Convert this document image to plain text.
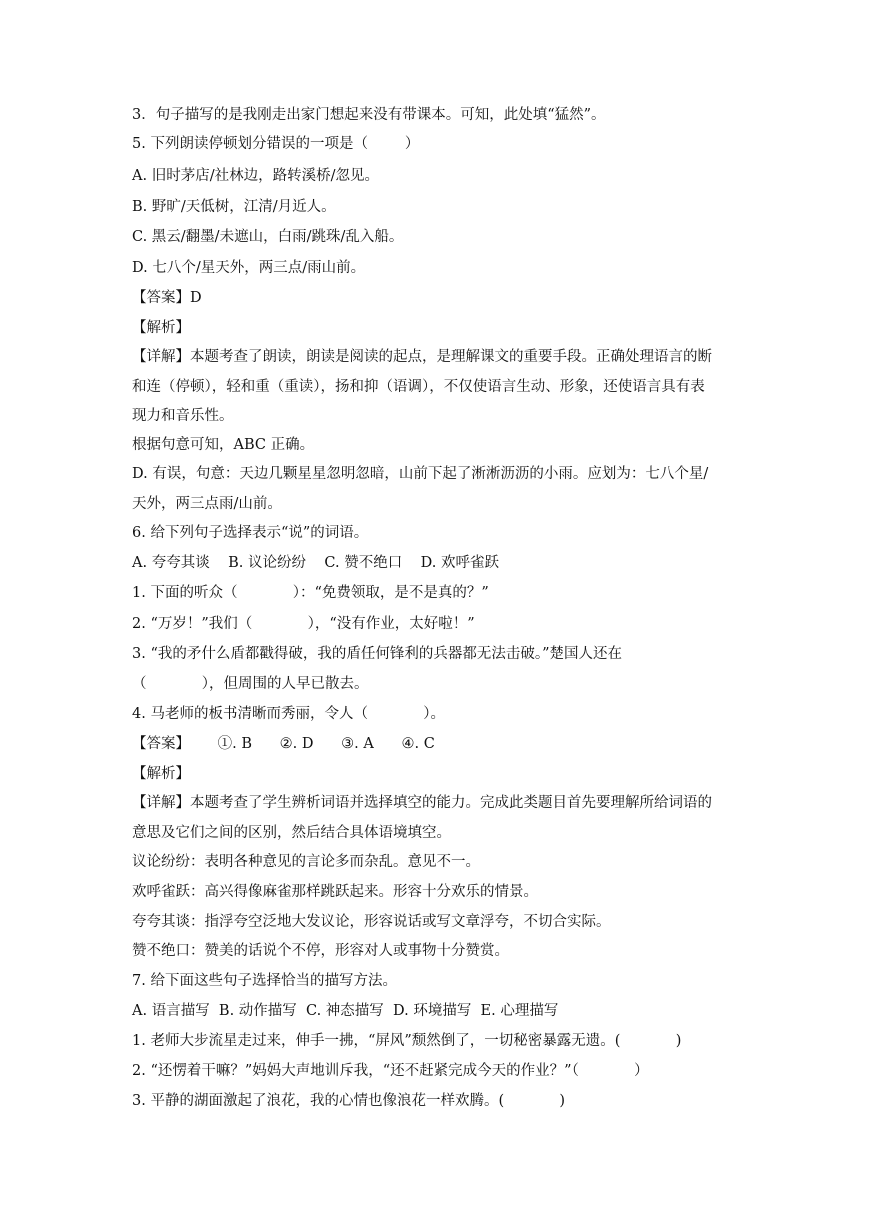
3．句子描写的是我刚走出家门想起来没有带课本。可知，此处填“猛然”。
5. 下列朗读停顿划分错误的一项是（        ）
A. 旧时茅店/社林边，路转溪桥/忽见。
B. 野旷/天低树，江清/月近人。
C. 黑云/翻墨/未遮山，白雨/跳珠/乱入船。
D. 七八个/星天外，两三点/雨山前。
【答案】D
【解析】
【详解】本题考查了朗读，朗读是阅读的起点，是理解课文的重要手段。正确处理语言的断
和连（停顿），轻和重（重读），扬和抑（语调），不仅使语言生动、形象，还使语言具有表
现力和音乐性。
根据句意可知，ABC 正确。
D. 有误，句意：天边几颗星星忽明忽暗，山前下起了淅淅沥沥的小雨。应划为：七八个星/
天外，两三点雨/山前。
6. 给下列句子选择表示“说”的词语。
A. 夸夸其谈    B. 议论纷纷    C. 赞不绝口    D. 欢呼雀跃
1. 下面的听众（            ）：“免费领取，是不是真的？”
2. “万岁！”我们（            ），“没有作业，太好啦！”
3. “我的矛什么盾都戳得破，我的盾任何锋利的兵器都无法击破。”楚国人还在
（            ），但周围的人早已散去。
4. 马老师的板书清晰而秀丽，令人（            ）。
【答案】      ①. B      ②. D      ③. A      ④. C
【解析】
【详解】本题考查了学生辨析词语并选择填空的能力。完成此类题目首先要理解所给词语的
意思及它们之间的区别，然后结合具体语境填空。
议论纷纷：表明各种意见的言论多而杂乱。意见不一。
欢呼雀跃：高兴得像麻雀那样跳跃起来。形容十分欢乐的情景。
夸夸其谈：指浮夸空泛地大发议论，形容说话或写文章浮夸，不切合实际。
赞不绝口：赞美的话说个不停，形容对人或事物十分赞赏。
7. 给下面这些句子选择恰当的描写方法。
A. 语言描写  B. 动作描写  C. 神态描写  D. 环境描写  E. 心理描写
1. 老师大步流星走过来，伸手一拂，“屏风”颓然倒了，一切秘密暴露无遗。(            )
2. “还愣着干嘛？”妈妈大声地训斥我，“还不赶紧完成今天的作业？”（            ）
3. 平静的湖面激起了浪花，我的心情也像浪花一样欢腾。(            )
